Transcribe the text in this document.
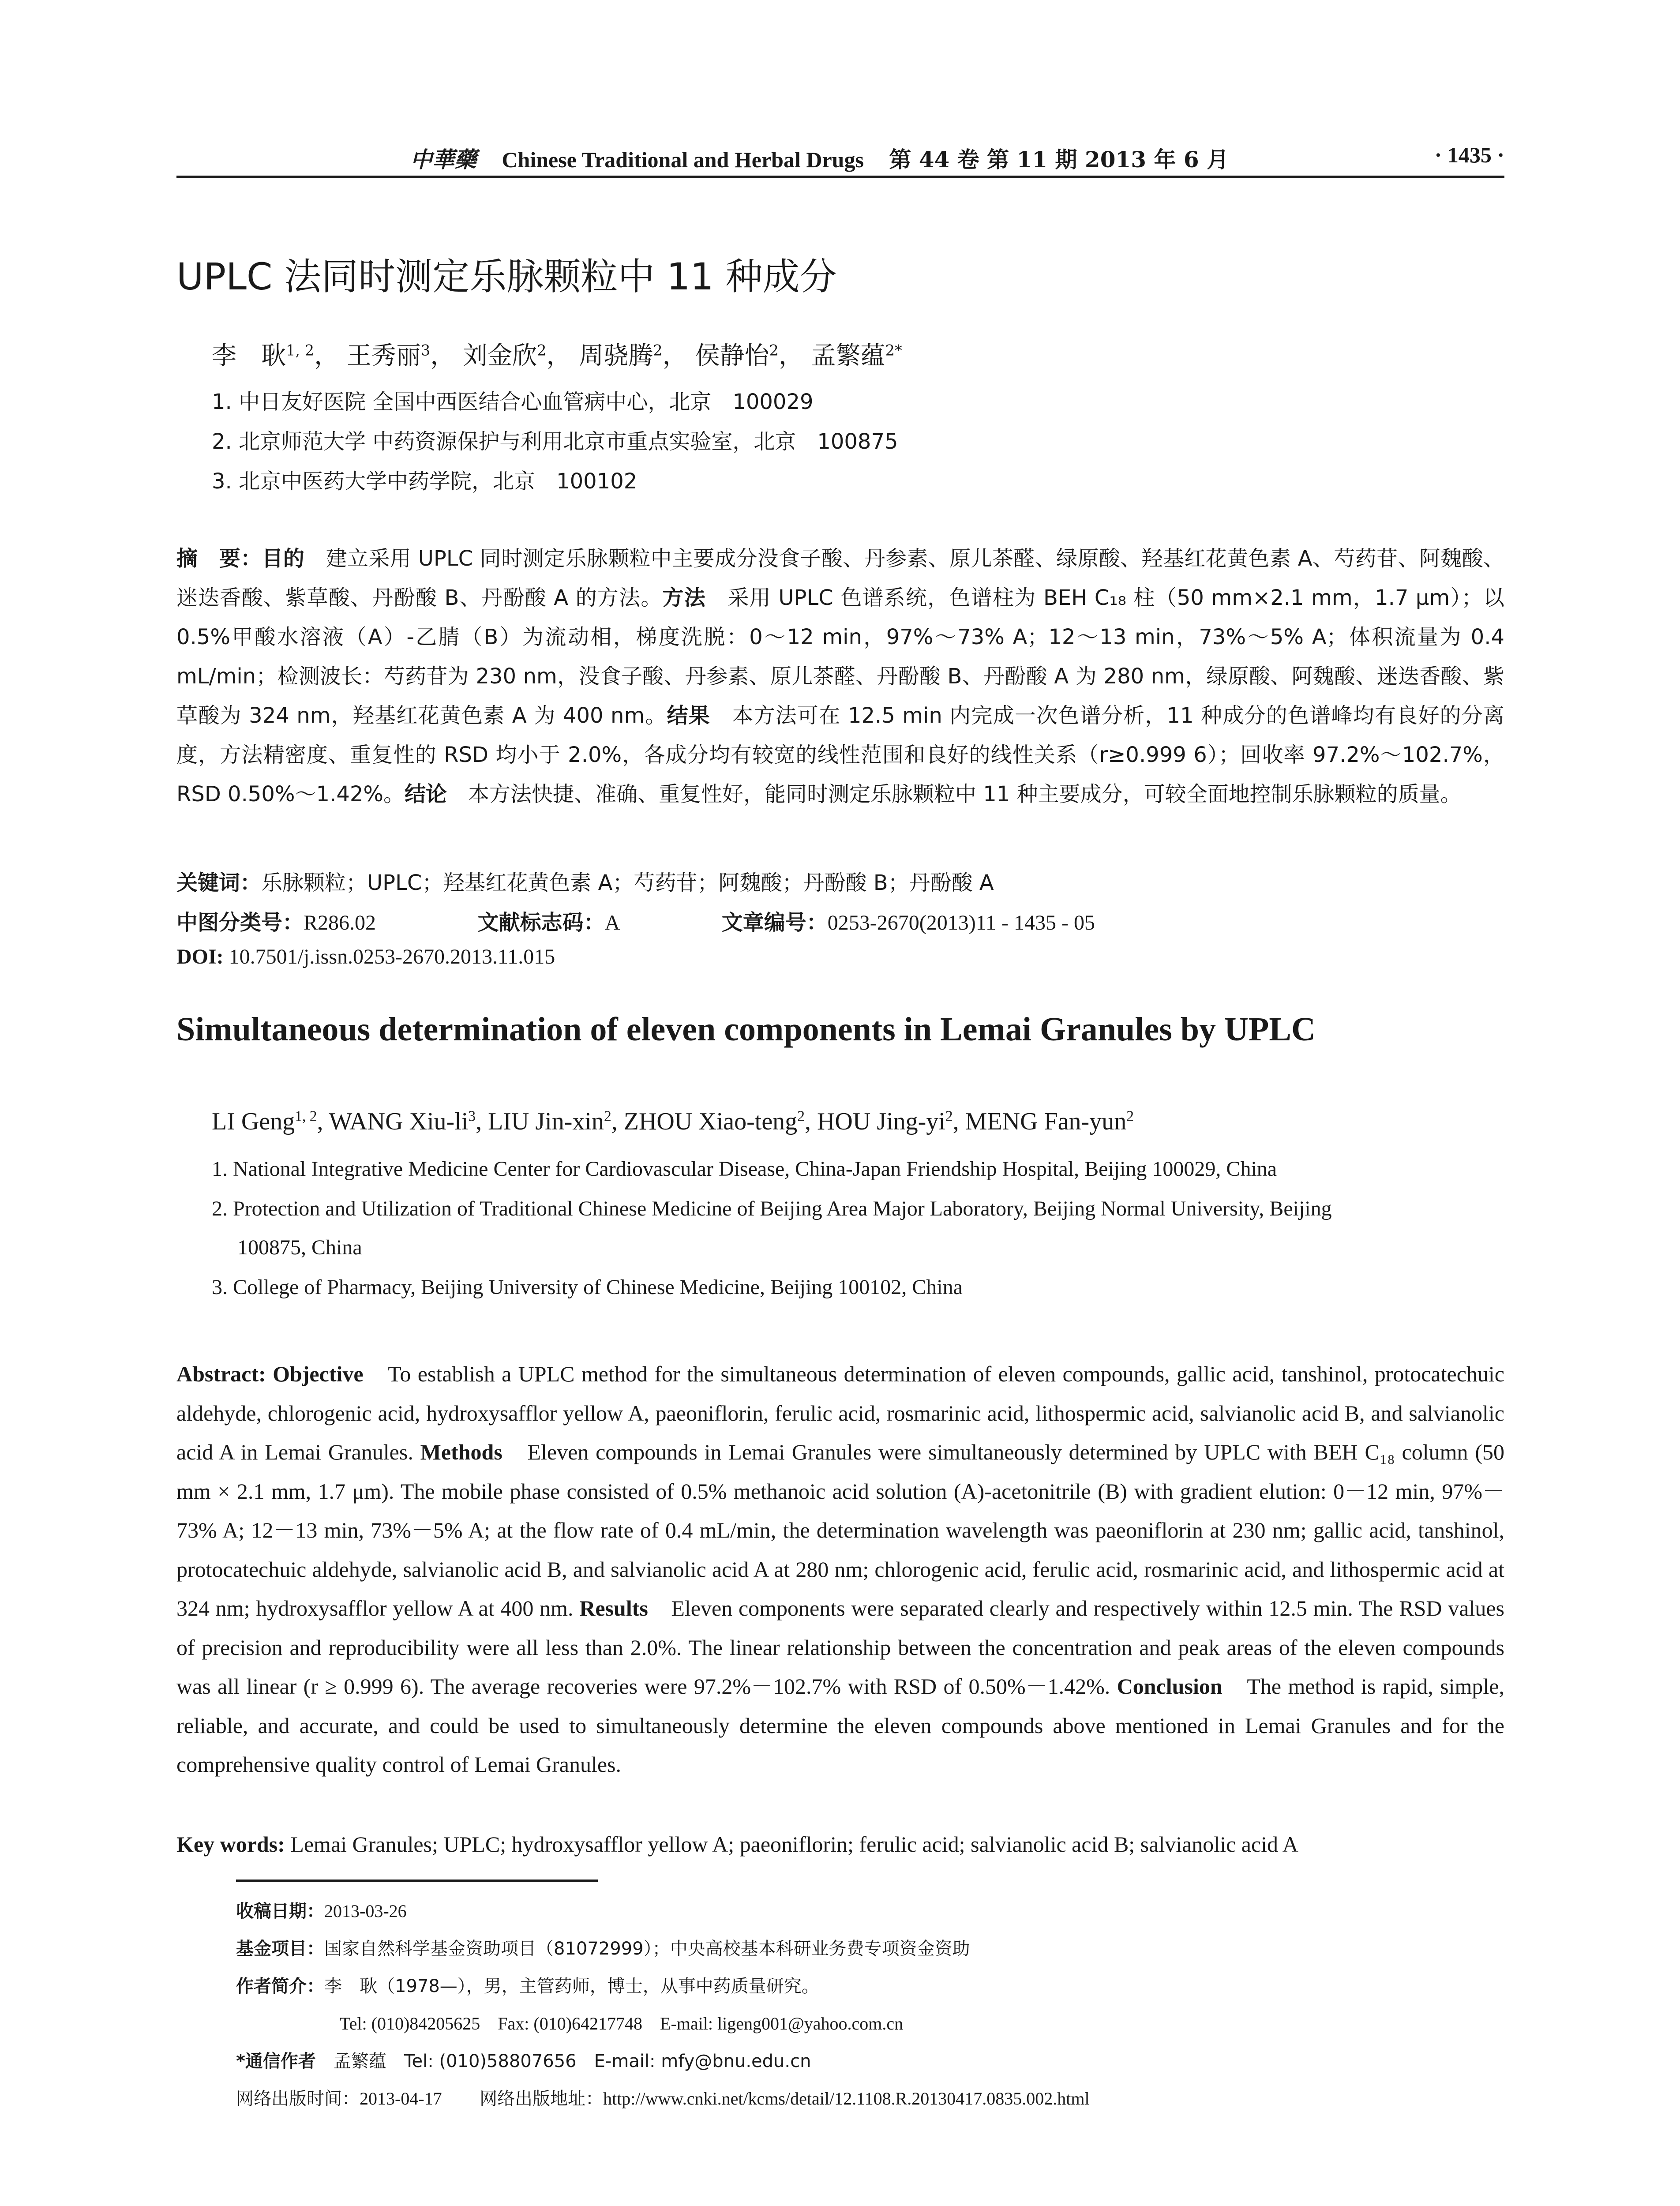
中華藥 Chinese Traditional and Herbal Drugs 第 44 卷 第 11 期 2013 年 6 月	· 1435 ·
UPLC 法同时测定乐脉颗粒中 11 种成分
李　耿$^{1, 2}$， 王秀丽$^3$， 刘金欣$^2$， 周骁腾$^2$， 侯静怡$^2$， 孟繁蕴$^{2*}$
1. 中日友好医院 全国中西医结合心血管病中心，北京　100029
2. 北京师范大学 中药资源保护与利用北京市重点实验室，北京　100875
3. 北京中医药大学中药学院，北京　100102
摘　要：目的　建立采用 UPLC 同时测定乐脉颗粒中主要成分没食子酸、丹参素、原儿茶醛、绿原酸、羟基红花黄色素 A、芍药苷、阿魏酸、迷迭香酸、紫草酸、丹酚酸 B、丹酚酸 A 的方法。方法　采用 UPLC 色谱系统，色谱柱为 BEH C₁₈ 柱（50 mm×2.1 mm，1.7 μm）；以 0.5%甲酸水溶液（A）-乙腈（B）为流动相，梯度洗脱：0～12 min，97%～73% A；12～13 min，73%～5% A；体积流量为 0.4 mL/min；检测波长：芍药苷为 230 nm，没食子酸、丹参素、原儿茶醛、丹酚酸 B、丹酚酸 A 为 280 nm，绿原酸、阿魏酸、迷迭香酸、紫草酸为 324 nm，羟基红花黄色素 A 为 400 nm。结果　本方法可在 12.5 min 内完成一次色谱分析，11 种成分的色谱峰均有良好的分离度，方法精密度、重复性的 RSD 均小于 2.0%，各成分均有较宽的线性范围和良好的线性关系（r≥0.999 6）；回收率 97.2%～102.7%，RSD 0.50%～1.42%。结论　本方法快捷、准确、重复性好，能同时测定乐脉颗粒中 11 种主要成分，可较全面地控制乐脉颗粒的质量。
关键词：乐脉颗粒；UPLC；羟基红花黄色素 A；芍药苷；阿魏酸；丹酚酸 B；丹酚酸 A
中图分类号：R286.02	文献标志码：A	文章编号：0253-2670(2013)11 - 1435 - 05
DOI: 10.7501/j.issn.0253-2670.2013.11.015
Simultaneous determination of eleven components in Lemai Granules by UPLC
LI Geng$^{1, 2}$, WANG Xiu-$li^3$, LIU Jin-xin$^2$, ZHOU Xiao-teng$^2$, HOU Jing-$yi^2$, MENG Fan-yun$^2$
1. National Integrative Medicine Center for Cardiovascular Disease, China-Japan Friendship Hospital, Beijing 100029, China
2. Protection and Utilization of Traditional Chinese Medicine of Beijing Area Major Laboratory, Beijing Normal University, Beijing
100875, China
3. College of Pharmacy, Beijing University of Chinese Medicine, Beijing 100102, China
Abstract: Objective　To establish a UPLC method for the simultaneous determination of eleven compounds, gallic acid, tanshinol, protocatechuic aldehyde, chlorogenic acid, hydroxysafflor yellow A, paeoniflorin, ferulic acid, rosmarinic acid, lithospermic acid, salvianolic acid B, and salvianolic acid A in Lemai Granules. Methods　Eleven compounds in Lemai Granules were simultaneously determined by UPLC with BEH C₁₈ column (50 mm × 2.1 mm, 1.7 μm). The mobile phase consisted of 0.5% methanoic acid solution (A)-acetonitrile (B) with gradient elution: 0－12 min, 97%－73% A; 12－13 min, 73%－5% A; at the flow rate of 0.4 mL/min, the determination wavelength was paeoniflorin at 230 nm; gallic acid, tanshinol, protocatechuic aldehyde, salvianolic acid B, and salvianolic acid A at 280 nm; chlorogenic acid, ferulic acid, rosmarinic acid, and lithospermic acid at 324 nm; hydroxysafflor yellow A at 400 nm. Results　Eleven components were separated clearly and respectively within 12.5 min. The RSD values of precision and reproducibility were all less than 2.0%. The linear relationship between the concentration and peak areas of the eleven compounds was all linear (r ≥ 0.999 6). The average recoveries were 97.2%－102.7% with RSD of 0.50%－1.42%. Conclusion　The method is rapid, simple, reliable, and accurate, and could be used to simultaneously determine the eleven compounds above mentioned in Lemai Granules and for the comprehensive quality control of Lemai Granules.
Key words: Lemai Granules; UPLC; hydroxysafflor yellow A; paeoniflorin; ferulic acid; salvianolic acid B; salvianolic acid A
收稿日期：2013-03-26
基金项目：国家自然科学基金资助项目（81072999）；中央高校基本科研业务费专项资金资助
作者简介：李　耿（1978—），男，主管药师，博士，从事中药质量研究。
Tel: (010)84205625　Fax: (010)64217748　E-mail: ligeng001@yahoo.com.cn
*通信作者　孟繁蕴　Tel: (010)58807656　E-mail: mfy@bnu.edu.cn
网络出版时间：2013-04-17 网络出版地址：http://www.cnki.net/kcms/detail/12.1108.R.20130417.0835.002.html
